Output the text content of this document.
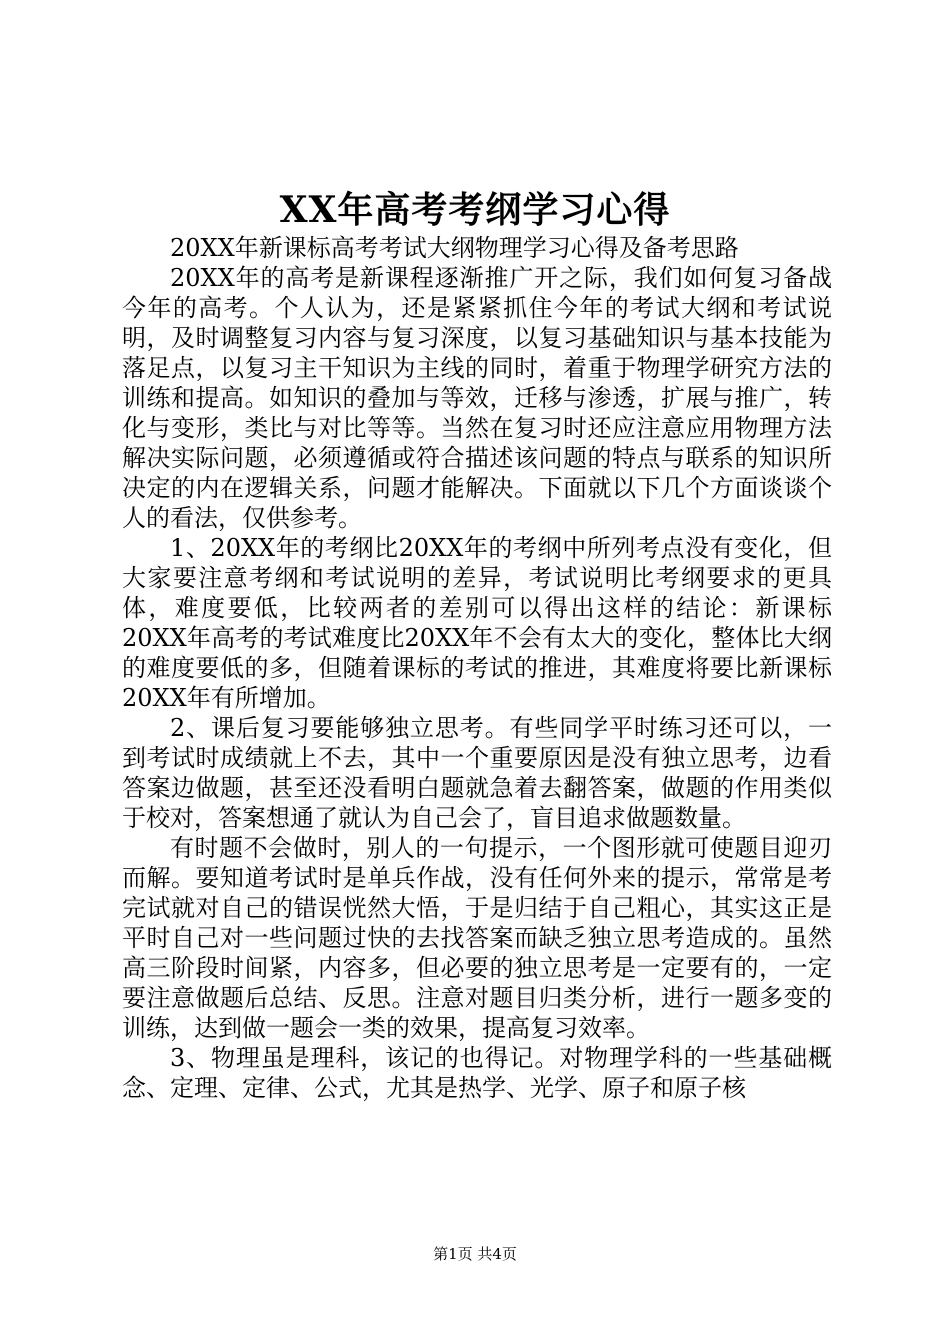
XX年高考考纲学习心得

20XX年新课标高考考试大纲物理学习心得及备考思路

20XX年的高考是新课程逐渐推广开之际，我们如何复习备战今年的高考。个人认为，还是紧紧抓住今年的考试大纲和考试说明，及时调整复习内容与复习深度，以复习基础知识与基本技能为落足点，以复习主干知识为主线的同时，着重于物理学研究方法的训练和提高。如知识的叠加与等效，迁移与渗透，扩展与推广，转化与变形，类比与对比等等。当然在复习时还应注意应用物理方法解决实际问题，必须遵循或符合描述该问题的特点与联系的知识所决定的内在逻辑关系，问题才能解决。下面就以下几个方面谈谈个人的看法，仅供参考。

1、20XX年的考纲比20XX年的考纲中所列考点没有变化，但大家要注意考纲和考试说明的差异，考试说明比考纲要求的更具体，难度要低，比较两者的差别可以得出这样的结论：新课标20XX年高考的考试难度比20XX年不会有太大的变化，整体比大纲的难度要低的多，但随着课标的考试的推进，其难度将要比新课标20XX年有所增加。

2、课后复习要能够独立思考。有些同学平时练习还可以，一到考试时成绩就上不去，其中一个重要原因是没有独立思考，边看答案边做题，甚至还没看明白题就急着去翻答案，做题的作用类似于校对，答案想通了就认为自己会了，盲目追求做题数量。

有时题不会做时，别人的一句提示，一个图形就可使题目迎刃而解。要知道考试时是单兵作战，没有任何外来的提示，常常是考完试就对自己的错误恍然大悟，于是归结于自己粗心，其实这正是平时自己对一些问题过快的去找答案而缺乏独立思考造成的。虽然高三阶段时间紧，内容多，但必要的独立思考是一定要有的，一定要注意做题后总结、反思。注意对题目归类分析，进行一题多变的训练，达到做一题会一类的效果，提高复习效率。

3、物理虽是理科，该记的也得记。对物理学科的一些基础概念、定理、定律、公式，尤其是热学、光学、原子和原子核

第1页 共4页
